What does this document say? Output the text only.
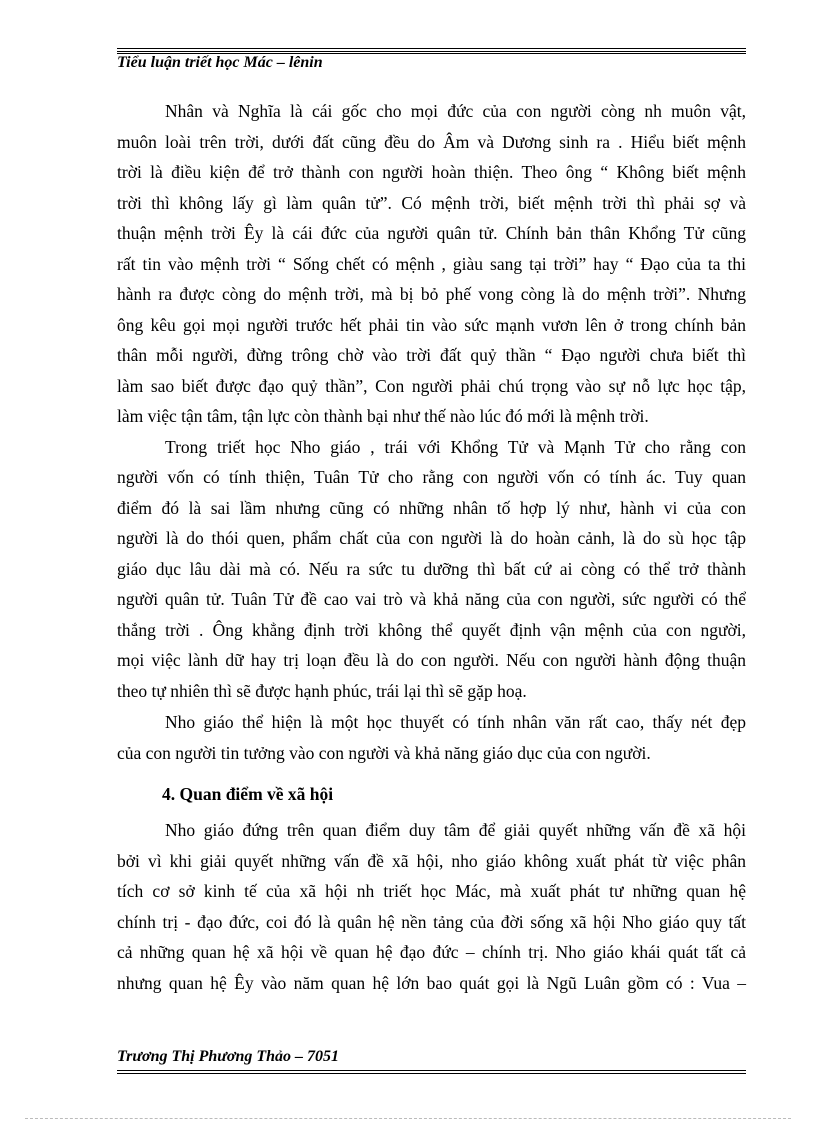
Tiểu luận triết học Mác – lênin
Nhân và Nghĩa là cái gốc cho mọi đức của con người còng nh muôn vật,
muôn loài trên trời, dưới đất cũng đều do Âm và Dương sinh ra . Hiểu biết mệnh
trời là điều kiện để trở thành con người hoàn thiện. Theo ông “ Không biết mệnh
trời thì không lấy gì làm quân tử”. Có mệnh trời, biết mệnh trời thì phải sợ và
thuận mệnh trời Êy là cái đức của người quân tử. Chính bản thân Khổng Tử cũng
rất tin vào mệnh trời “ Sống chết có mệnh , giàu sang tại trời” hay “ Đạo của ta thi
hành ra được còng do mệnh trời, mà bị bỏ phế vong còng là do mệnh trời”. Nhưng
ông kêu gọi mọi người trước hết phải tin vào sức mạnh vươn lên ở trong chính bản
thân mỗi người, đừng trông chờ vào trời đất quỷ thần “ Đạo người chưa biết thì
làm sao biết được đạo quỷ thần”, Con người phải chú trọng vào sự nỗ lực học tập,
làm việc tận tâm, tận lực còn thành bại như thế nào lúc đó mới là mệnh trời.
Trong triết học Nho giáo , trái với Khổng Tử và Mạnh Tử cho rằng con
người vốn có tính thiện, Tuân Tử cho rằng con người vốn có tính ác. Tuy quan
điểm đó là sai lầm nhưng cũng có những nhân tố hợp lý như, hành vi của con
người là do thói quen, phẩm chất của con người là do hoàn cảnh, là do sù học tập
giáo dục lâu dài mà có. Nếu ra sức tu dưỡng thì bất cứ ai còng có thể trở thành
người quân tử. Tuân Tử đề cao vai trò và khả năng của con người, sức người có thể
thắng trời . Ông khẳng định trời không thể quyết định vận mệnh của con người,
mọi việc lành dữ hay trị loạn đều là do con người. Nếu con người hành động thuận
theo tự nhiên thì sẽ được hạnh phúc, trái lại thì sẽ gặp hoạ.
Nho giáo thể hiện là một học thuyết có tính nhân văn rất cao, thấy nét đẹp
của con người tin tưởng vào con người và khả năng giáo dục của con người.
4. Quan điểm về xã hội
Nho giáo đứng trên quan điểm duy tâm để giải quyết những vấn đề xã hội
bởi vì khi giải quyết những vấn đề xã hội, nho giáo không xuất phát từ việc phân
tích cơ sở kinh tế của xã hội nh triết học Mác, mà xuất phát tư những quan hệ
chính trị - đạo đức, coi đó là quân hệ nền tảng của đời sống xã hội Nho giáo quy tất
cả những quan hệ xã hội về quan hệ đạo đức – chính trị. Nho giáo khái quát tất cả
nhưng quan hệ Êy vào năm quan hệ lớn bao quát gọi là Ngũ Luân gồm có : Vua –
Trương Thị Phương Thảo – 7051
